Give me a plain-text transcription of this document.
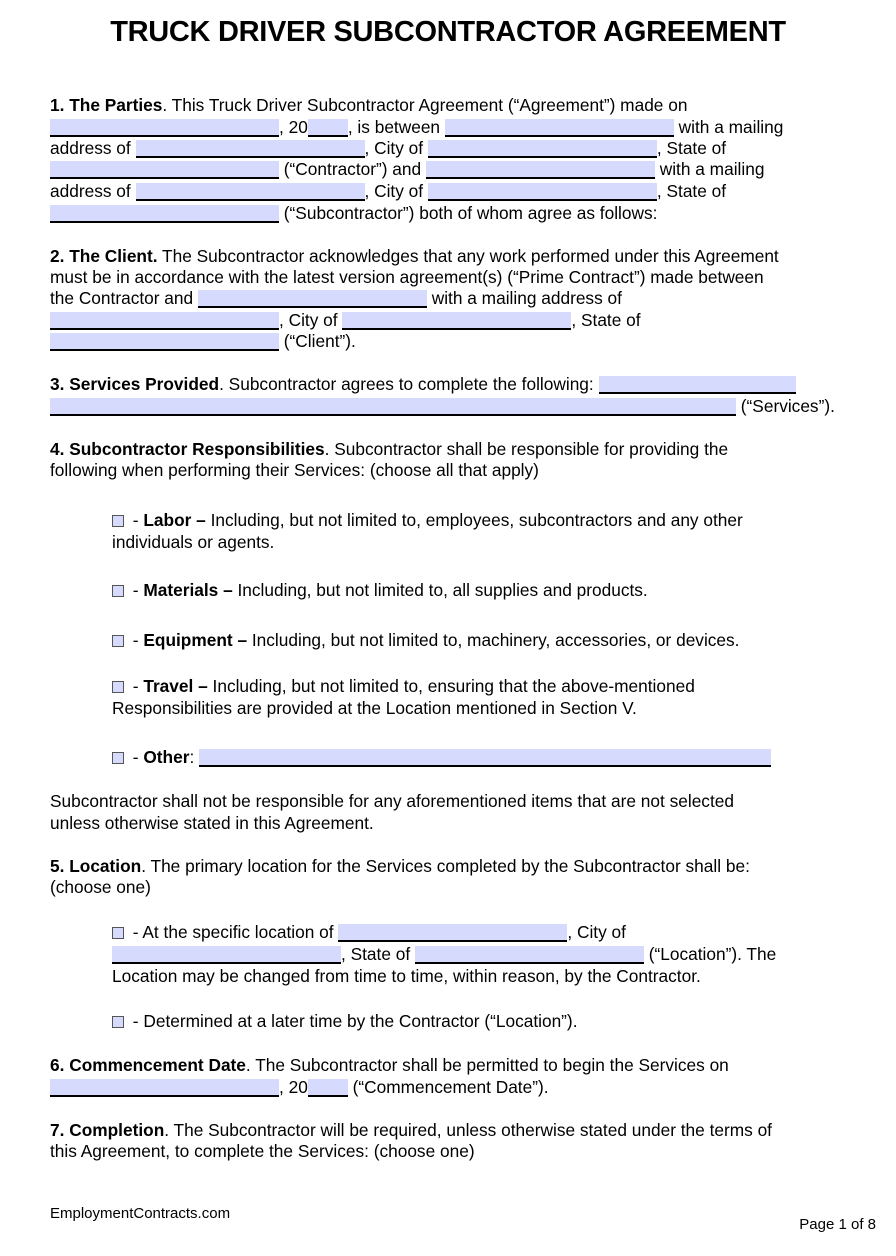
TRUCK DRIVER SUBCONTRACTOR AGREEMENT
1. The Parties. This Truck Driver Subcontractor Agreement (“Agreement”) made on
, 20 , is between	with a mailing
address of	, City of	, State of
(“Contractor”) and	with a mailing
address of	, City of	, State of
(“Subcontractor”) both of whom agree as follows:
2. The Client. The Subcontractor acknowledges that any work performed under this Agreement
must be in accordance with the latest version agreement(s) (“Prime Contract”) made between
the Contractor and	with a mailing address of
, City of	, State of
(“Client”).
3. Services Provided. Subcontractor agrees to complete the following:
(“Services”).
4. Subcontractor Responsibilities. Subcontractor shall be responsible for providing the
following when performing their Services: (choose all that apply)
- Labor – Including, but not limited to, employees, subcontractors and any other
individuals or agents.
- Materials – Including, but not limited to, all supplies and products.
- Equipment – Including, but not limited to, machinery, accessories, or devices.
- Travel – Including, but not limited to, ensuring that the above-mentioned
Responsibilities are provided at the Location mentioned in Section V.
- Other:
Subcontractor shall not be responsible for any aforementioned items that are not selected
unless otherwise stated in this Agreement.
5. Location. The primary location for the Services completed by the Subcontractor shall be:
(choose one)
- At the specific location of	, City of
, State of	(“Location”). The
Location may be changed from time to time, within reason, by the Contractor.
- Determined at a later time by the Contractor (“Location”).
6. Commencement Date. The Subcontractor shall be permitted to begin the Services on
, 20 (“Commencement Date”).
7. Completion. The Subcontractor will be required, unless otherwise stated under the terms of
this Agreement, to complete the Services: (choose one)
EmploymentContracts.com
Page 1 of 8
